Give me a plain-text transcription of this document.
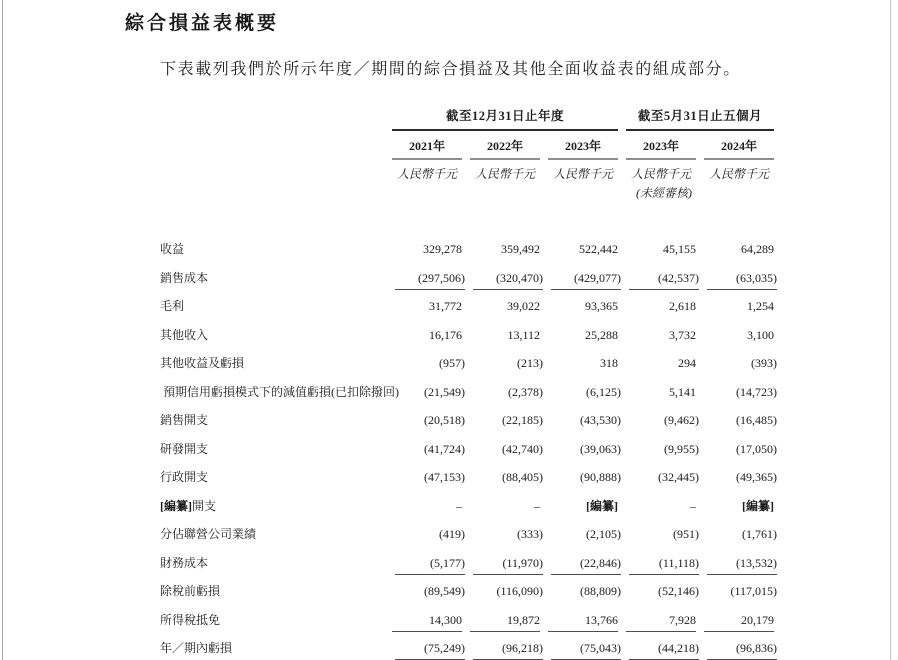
綜合損益表概要
下表載列我們於所示年度／期間的綜合損益及其他全面收益表的組成部分。
截至12月31日止年度	截至5月31日止五個月
2021年	2022年	2023年	2023年	2024年
人民幣千元	人民幣千元	人民幣千元	人民幣千元	人民幣千元
(未經審核)
收益	329,278	359,492	522,442	45,155	64,289
銷售成本	(297,506)	(320,470)	(429,077)	(42,537)	(63,035)
毛利	31,772	39,022	93,365	2,618	1,254
其他收入	16,176	13,112	25,288	3,732	3,100
其他收益及虧損	(957)	(213)	318	294	(393)
預期信用虧損模式下的減值虧損(已扣除撥回)	(21,549)	(2,378)	(6,125)	5,141	(14,723)
銷售開支	(20,518)	(22,185)	(43,530)	(9,462)	(16,485)
研發開支	(41,724)	(42,740)	(39,063)	(9,955)	(17,050)
行政開支	(47,153)	(88,405)	(90,888)	(32,445)	(49,365)
[編纂]開支	–	–	[編纂]	–	[編纂]
分佔聯營公司業績	(419)	(333)	(2,105)	(951)	(1,761)
財務成本	(5,177)	(11,970)	(22,846)	(11,118)	(13,532)
除稅前虧損	(89,549)	(116,090)	(88,809)	(52,146)	(117,015)
所得稅抵免	14,300	19,872	13,766	7,928	20,179
年／期內虧損	(75,249)	(96,218)	(75,043)	(44,218)	(96,836)
